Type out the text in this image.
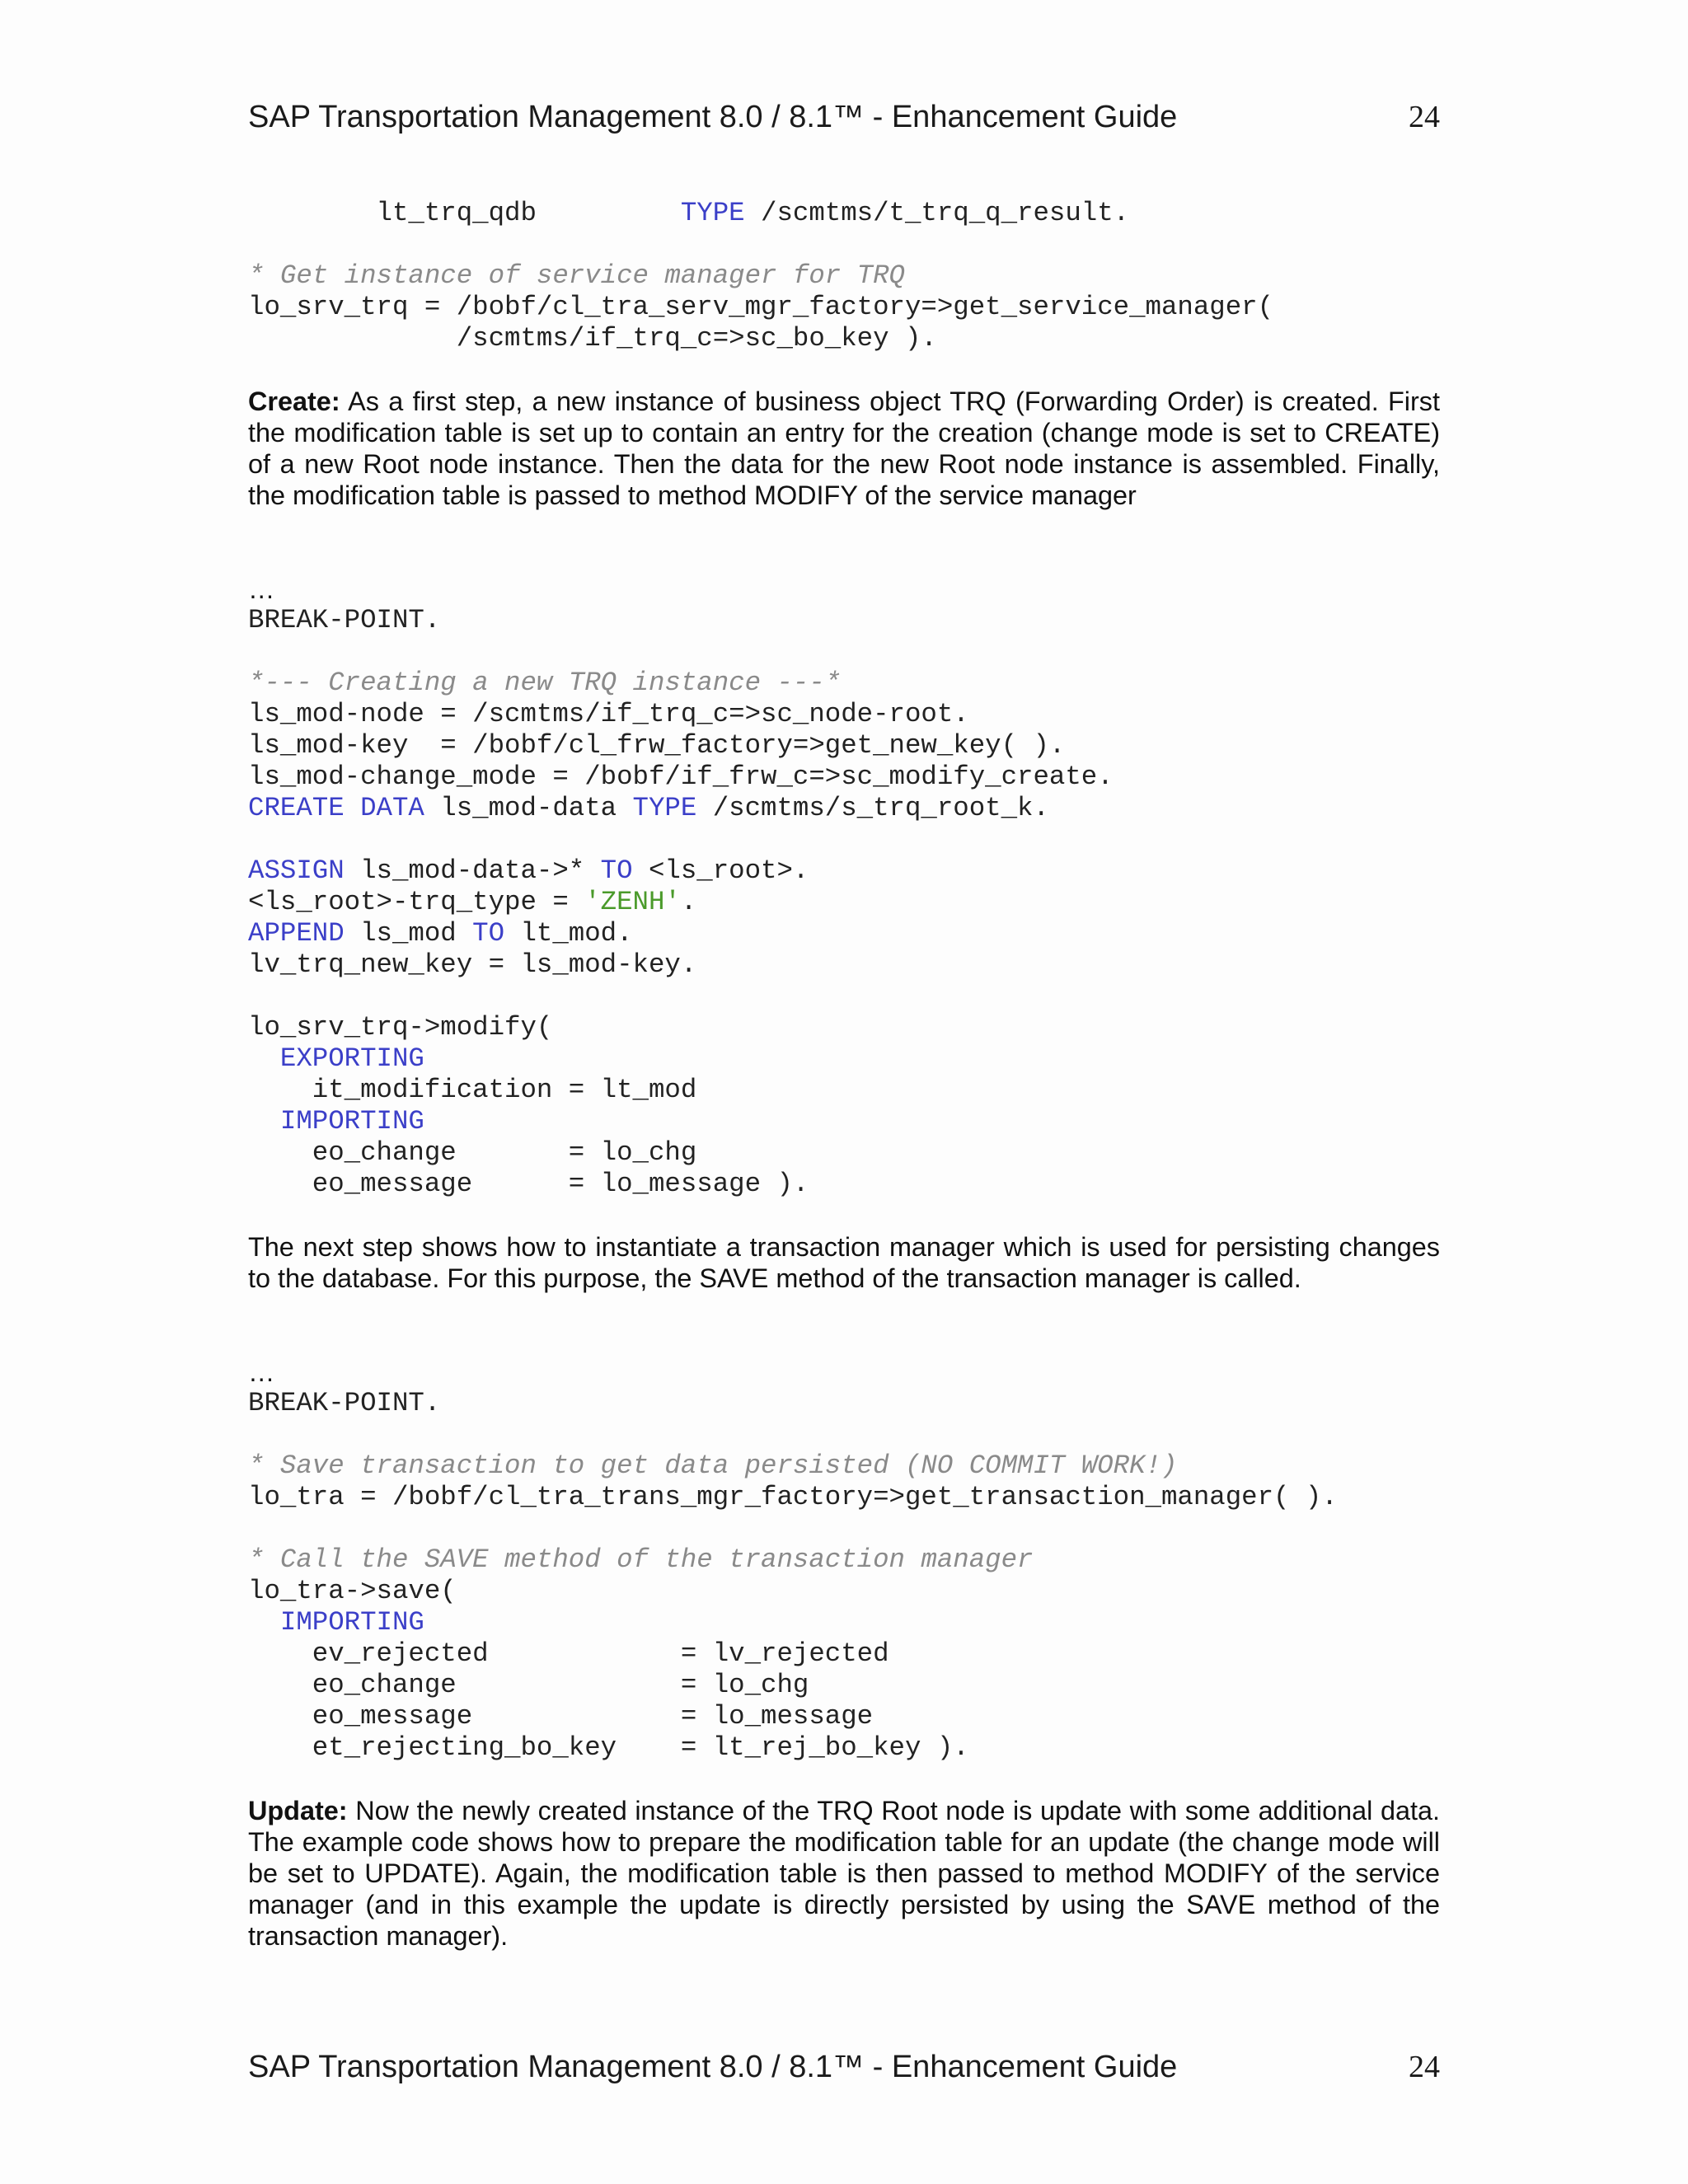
SAP Transportation Management 8.0 / 8.1™ - Enhancement Guide	24
lt_trq_qdb         TYPE /scmtms/t_trq_q_result.
* Get instance of service manager for TRQ
lo_srv_trq = /bobf/cl_tra_serv_mgr_factory=>get_service_manager(
/scmtms/if_trq_c=>sc_bo_key ).

Create: As a first step, a new instance of business object TRQ (Forwarding Order) is created. First the modification table is set up to contain an entry for the creation (change mode is set to CREATE) of a new Root node instance. Then the data for the new Root node instance is assembled. Finally, the modification table is passed to method MODIFY of the service manager

…
BREAK-POINT.

*--- Creating a new TRQ instance ---*
ls_mod-node = /scmtms/if_trq_c=>sc_node-root.
ls_mod-key  = /bobf/cl_frw_factory=>get_new_key( ).
ls_mod-change_mode = /bobf/if_frw_c=>sc_modify_create.
CREATE DATA ls_mod-data TYPE /scmtms/s_trq_root_k.

ASSIGN ls_mod-data->* TO <ls_root>.
<ls_root>-trq_type = 'ZENH'.
APPEND ls_mod TO lt_mod.
lv_trq_new_key = ls_mod-key.

lo_srv_trq->modify(
EXPORTING
it_modification = lt_mod
IMPORTING
eo_change       = lo_chg
eo_message      = lo_message ).

The next step shows how to instantiate a transaction manager which is used for persisting changes to the database. For this purpose, the SAVE method of the transaction manager is called.

…
BREAK-POINT.

* Save transaction to get data persisted (NO COMMIT WORK!)
lo_tra = /bobf/cl_tra_trans_mgr_factory=>get_transaction_manager( ).

* Call the SAVE method of the transaction manager
lo_tra->save(
IMPORTING
ev_rejected            = lv_rejected
eo_change              = lo_chg
eo_message             = lo_message
et_rejecting_bo_key    = lt_rej_bo_key ).

Update: Now the newly created instance of the TRQ Root node is update with some additional data. The example code shows how to prepare the modification table for an update (the change mode will be set to UPDATE). Again, the modification table is then passed to method MODIFY of the service manager (and in this example the update is directly persisted by using the SAVE method of the transaction manager).

SAP Transportation Management 8.0 / 8.1™ - Enhancement Guide	24
